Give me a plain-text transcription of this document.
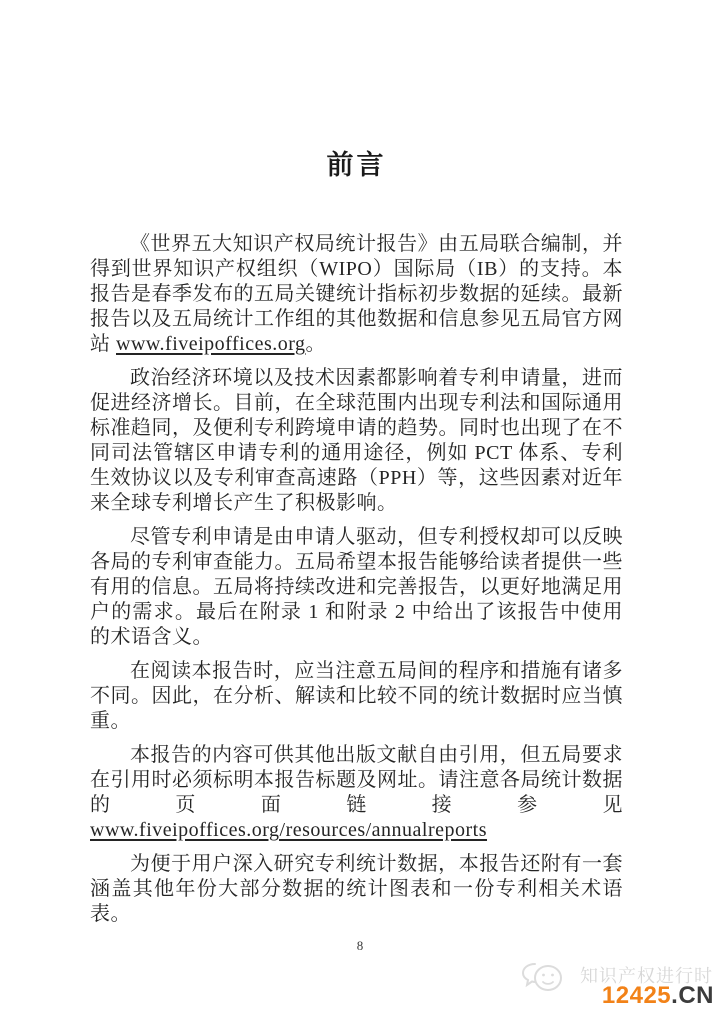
前言

《世界五大知识产权局统计报告》由五局联合编制，并得到世界知识产权组织（WIPO）国际局（IB）的支持。本报告是春季发布的五局关键统计指标初步数据的延续。最新报告以及五局统计工作组的其他数据和信息参见五局官方网站 www.fiveipoffices.org。

政治经济环境以及技术因素都影响着专利申请量，进而促进经济增长。目前，在全球范围内出现专利法和国际通用标准趋同，及便利专利跨境申请的趋势。同时也出现了在不同司法管辖区申请专利的通用途径，例如 PCT 体系、专利生效协议以及专利审查高速路（PPH）等，这些因素对近年来全球专利增长产生了积极影响。

尽管专利申请是由申请人驱动，但专利授权却可以反映各局的专利审查能力。五局希望本报告能够给读者提供一些有用的信息。五局将持续改进和完善报告，以更好地满足用户的需求。最后在附录 1 和附录 2 中给出了该报告中使用的术语含义。

在阅读本报告时，应当注意五局间的程序和措施有诸多不同。因此，在分析、解读和比较不同的统计数据时应当慎重。

本报告的内容可供其他出版文献自由引用，但五局要求在引用时必须标明本报告标题及网址。请注意各局统计数据的页面链接参见 www.fiveipoffices.org/resources/annualreports

为便于用户深入研究专利统计数据，本报告还附有一套涵盖其他年份大部分数据的统计图表和一份专利相关术语表。

8
知识产权进行时
12425.CN
